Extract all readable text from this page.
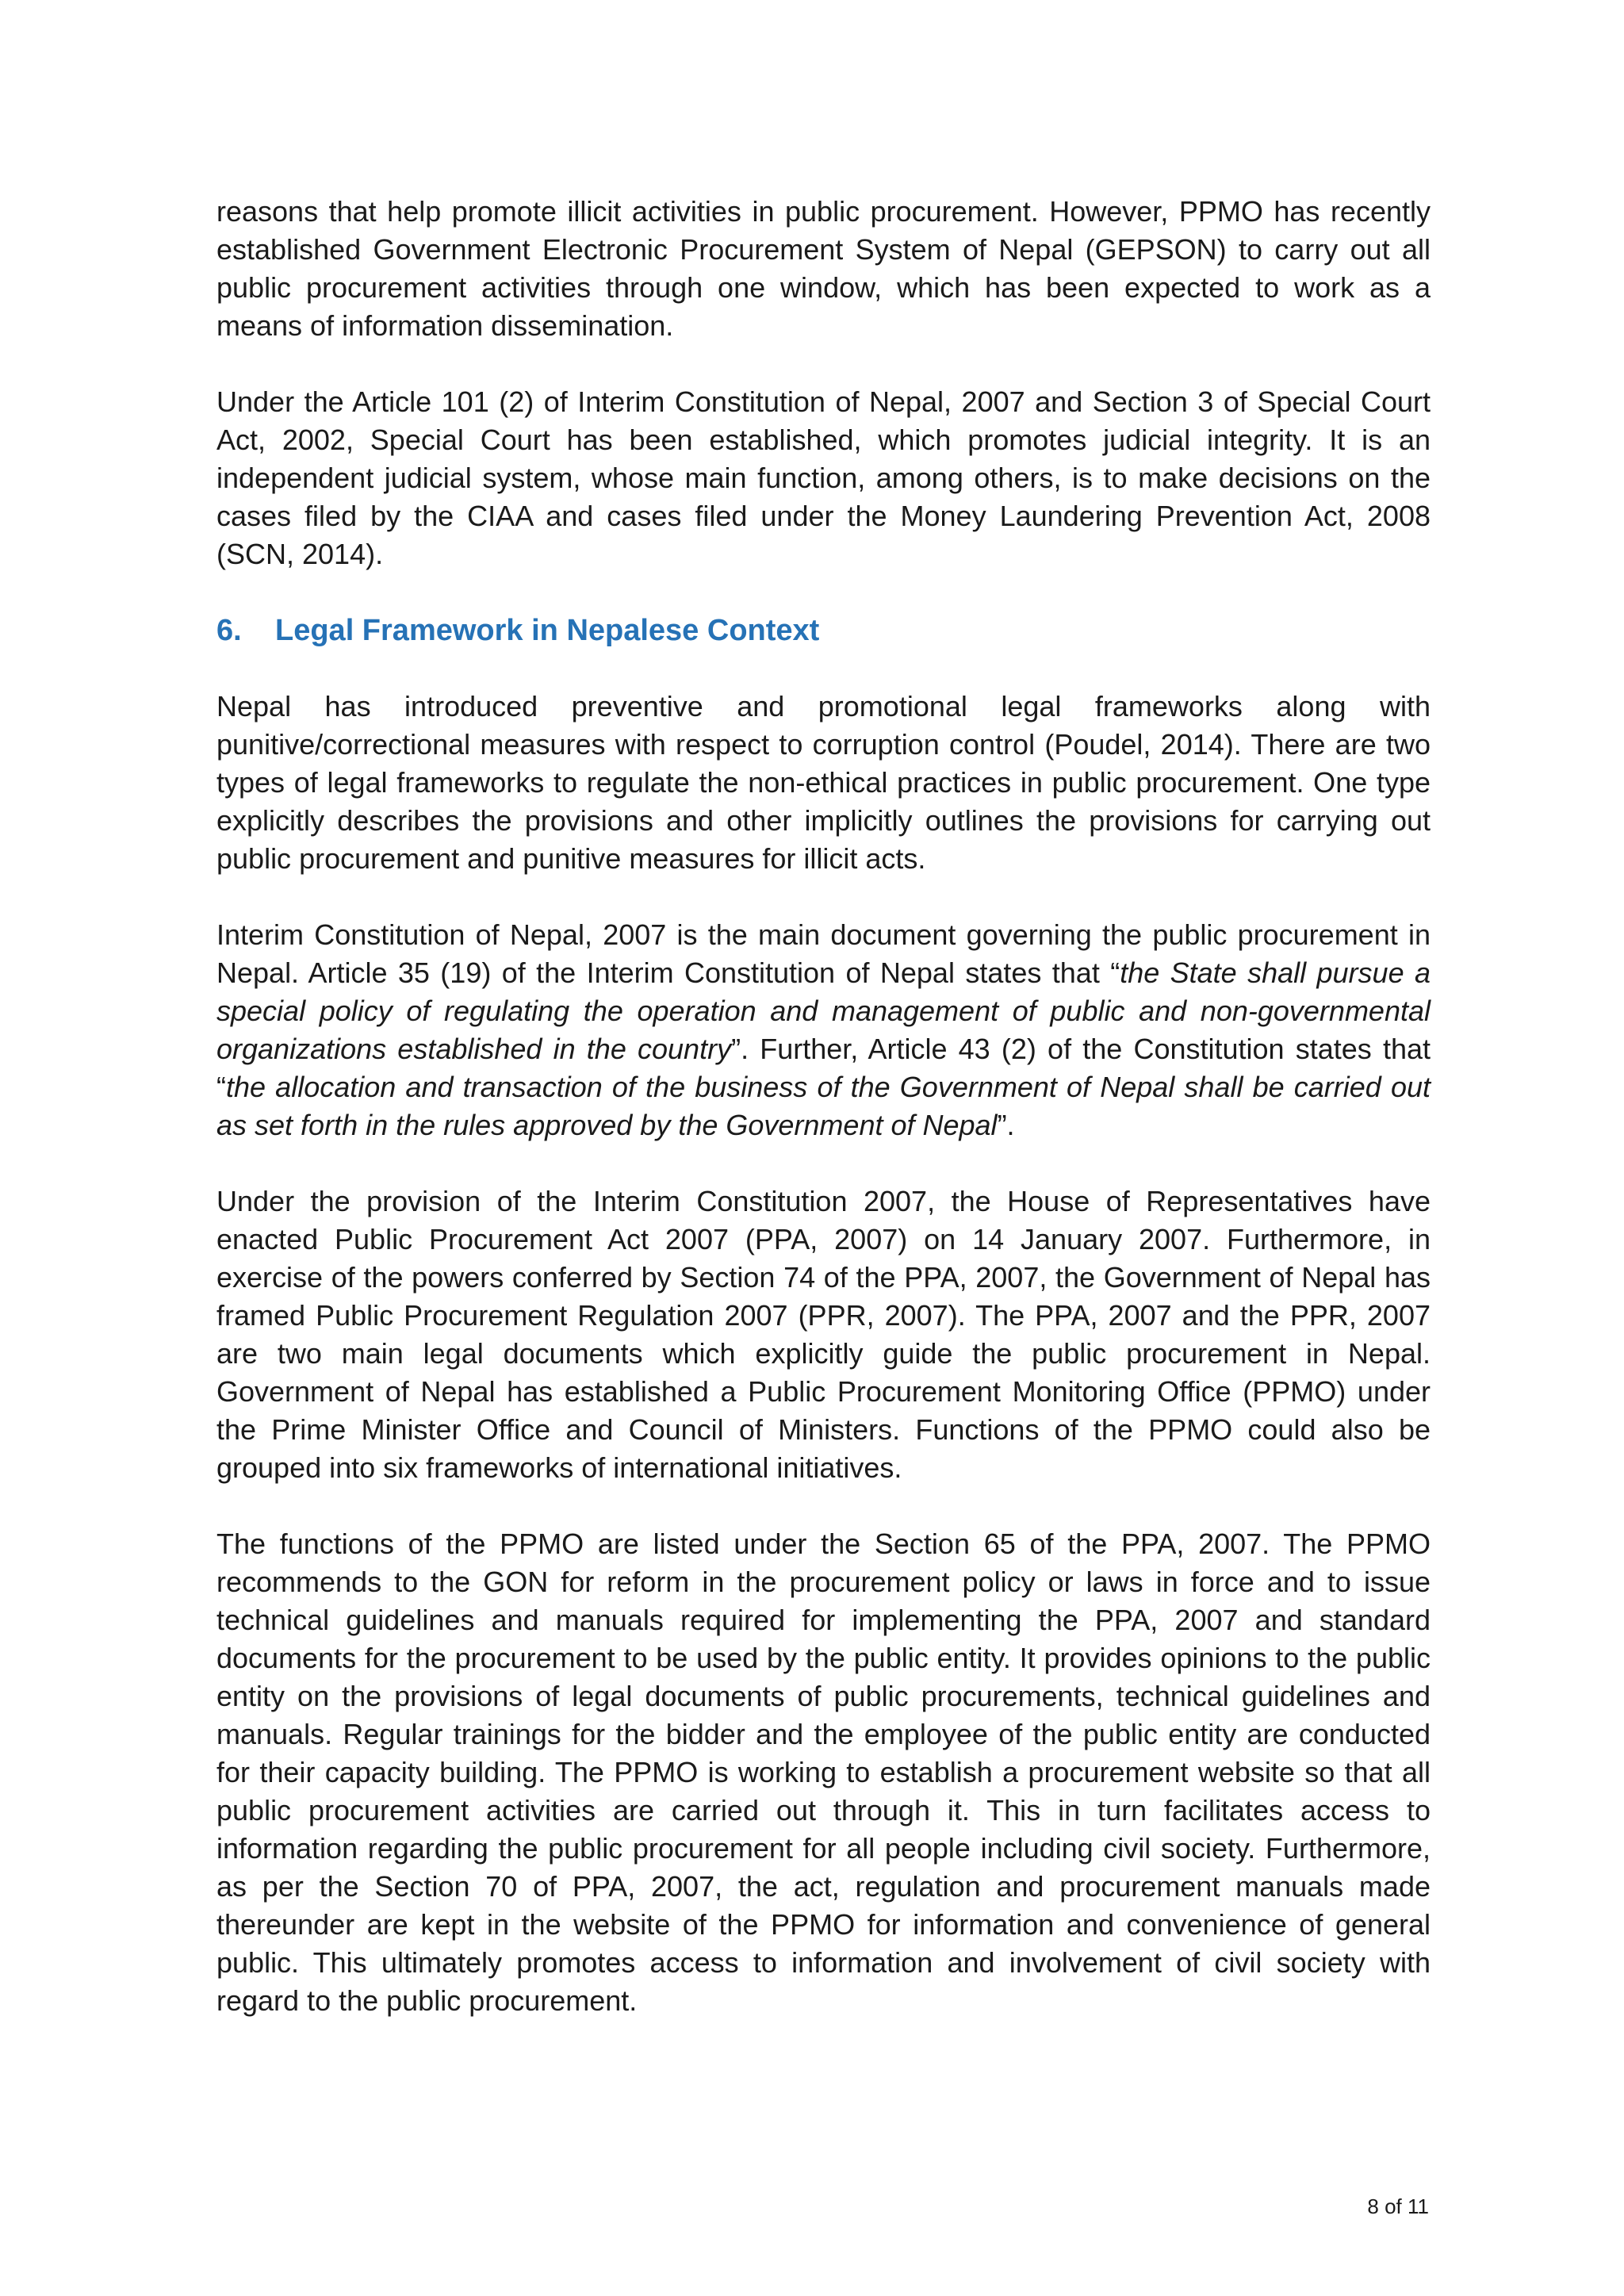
reasons that help promote illicit activities in public procurement. However, PPMO has recently established Government Electronic Procurement System of Nepal (GEPSON) to carry out all public procurement activities through one window, which has been expected to work as a means of information dissemination.

Under the Article 101 (2) of Interim Constitution of Nepal, 2007 and Section 3 of Special Court Act, 2002, Special Court has been established, which promotes judicial integrity. It is an independent judicial system, whose main function, among others, is to make decisions on the cases filed by the CIAA and cases filed under the Money Laundering Prevention Act, 2008 (SCN, 2014).

6.	Legal Framework in Nepalese Context

Nepal has introduced preventive and promotional legal frameworks along with punitive/correctional measures with respect to corruption control (Poudel, 2014). There are two types of legal frameworks to regulate the non-ethical practices in public procurement. One type explicitly describes the provisions and other implicitly outlines the provisions for carrying out public procurement and punitive measures for illicit acts.

Interim Constitution of Nepal, 2007 is the main document governing the public procurement in Nepal. Article 35 (19) of the Interim Constitution of Nepal states that “the State shall pursue a special policy of regulating the operation and management of public and non-governmental organizations established in the country”. Further, Article 43 (2) of the Constitution states that “the allocation and transaction of the business of the Government of Nepal shall be carried out as set forth in the rules approved by the Government of Nepal”.

Under the provision of the Interim Constitution 2007, the House of Representatives have enacted Public Procurement Act 2007 (PPA, 2007) on 14 January 2007. Furthermore, in exercise of the powers conferred by Section 74 of the PPA, 2007, the Government of Nepal has framed Public Procurement Regulation 2007 (PPR, 2007). The PPA, 2007 and the PPR, 2007 are two main legal documents which explicitly guide the public procurement in Nepal. Government of Nepal has established a Public Procurement Monitoring Office (PPMO) under the Prime Minister Office and Council of Ministers. Functions of the PPMO could also be grouped into six frameworks of international initiatives.

The functions of the PPMO are listed under the Section 65 of the PPA, 2007. The PPMO recommends to the GON for reform in the procurement policy or laws in force and to issue technical guidelines and manuals required for implementing the PPA, 2007 and standard documents for the procurement to be used by the public entity. It provides opinions to the public entity on the provisions of legal documents of public procurements, technical guidelines and manuals. Regular trainings for the bidder and the employee of the public entity are conducted for their capacity building. The PPMO is working to establish a procurement website so that all public procurement activities are carried out through it. This in turn facilitates access to information regarding the public procurement for all people including civil society. Furthermore, as per the Section 70 of PPA, 2007, the act, regulation and procurement manuals made thereunder are kept in the website of the PPMO for information and convenience of general public. This ultimately promotes access to information and involvement of civil society with regard to the public procurement.

8 of 11
